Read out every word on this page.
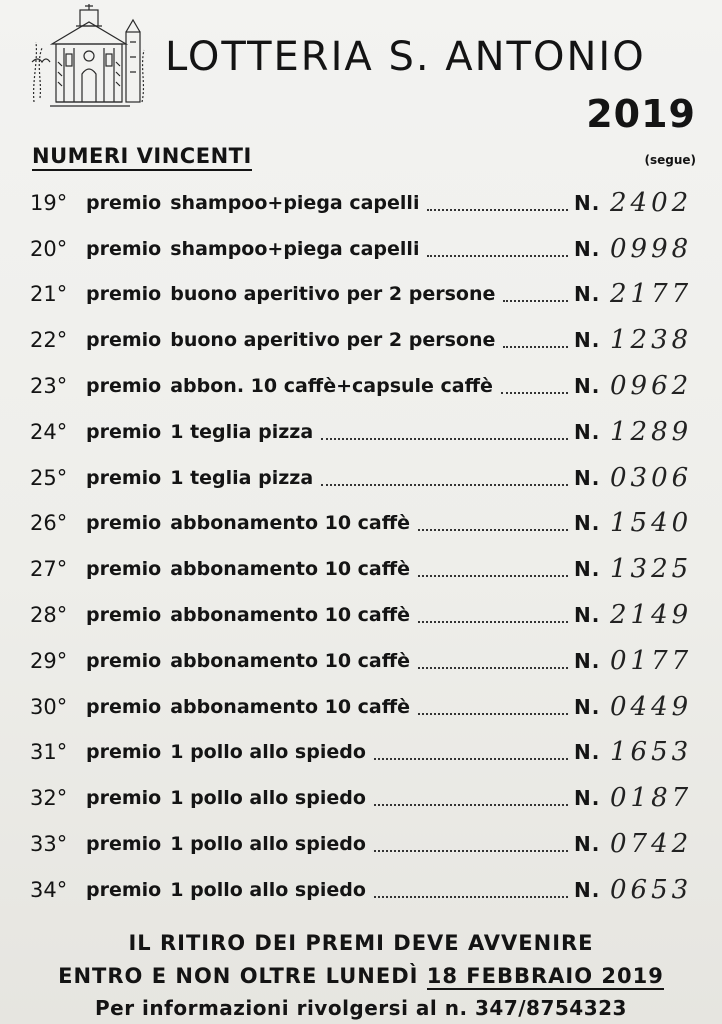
LOTTERIA S. ANTONIO
2019
NUMERI VINCENTI	(segue)
19° premio shampoo+piega capelli	N. 2402
20° premio shampoo+piega capelli	N. 0998
21° premio buono aperitivo per 2 persone	N. 2177
22° premio buono aperitivo per 2 persone	N. 1238
23° premio abbon. 10 caffè+capsule caffè	N. 0962
24° premio 1 teglia pizza	N. 1289
25° premio 1 teglia pizza	N. 0306
26° premio abbonamento 10 caffè	N. 1540
27° premio abbonamento 10 caffè	N. 1325
28° premio abbonamento 10 caffè	N. 2149
29° premio abbonamento 10 caffè	N. 0177
30° premio abbonamento 10 caffè	N. 0449
31° premio 1 pollo allo spiedo	N. 1653
32° premio 1 pollo allo spiedo	N. 0187
33° premio 1 pollo allo spiedo	N. 0742
34° premio 1 pollo allo spiedo	N. 0653
IL RITIRO DEI PREMI DEVE AVVENIRE
ENTRO E NON OLTRE LUNEDÌ 18 FEBBRAIO 2019
Per informazioni rivolgersi al n. 347/8754323
